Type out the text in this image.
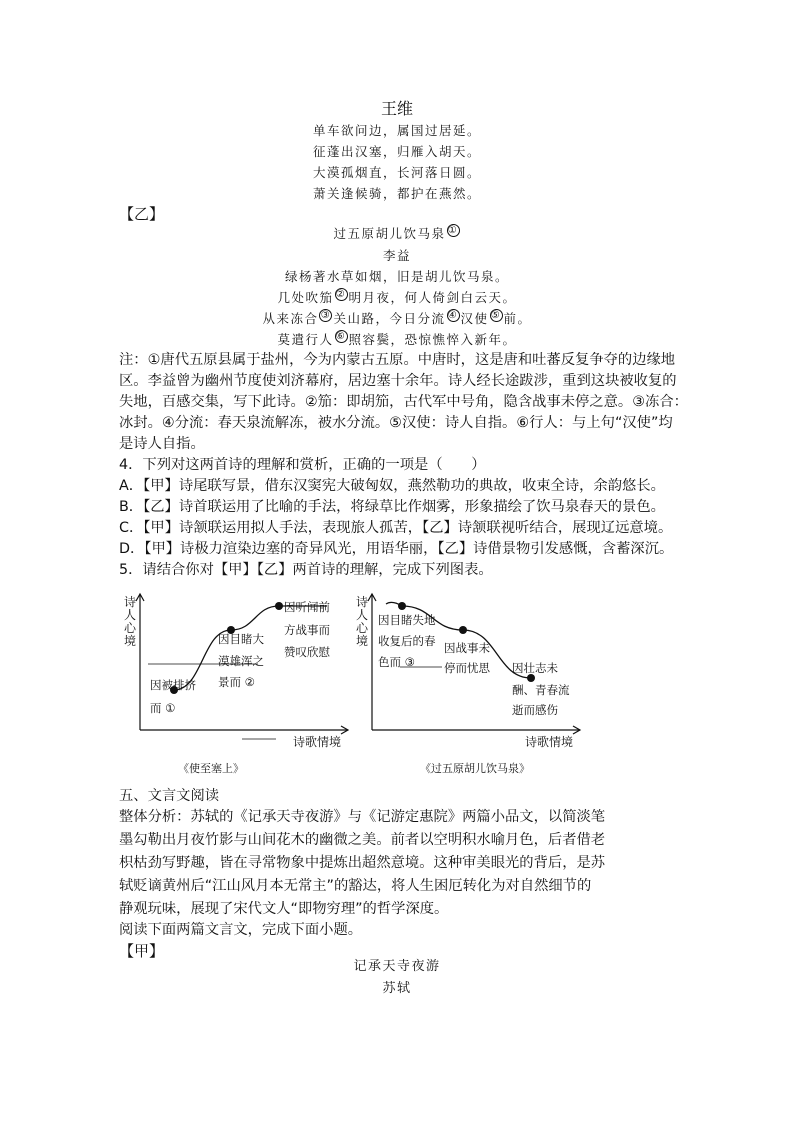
王维
单车欲问边，属国过居延。
征蓬出汉塞，归雁入胡天。
大漠孤烟直，长河落日圆。
萧关逢候骑，都护在燕然。
【乙】
过五原胡儿饮马泉 ①
李益
绿杨著水草如烟，旧是胡儿饮马泉。
几处吹笳 ② 明月夜，何人倚剑白云天。
从来冻合 ③ 关山路，今日分流 ④ 汉使 ⑤ 前。
莫遣行人 ⑥ 照容鬓，恐惊憔悴入新年。
注：①唐代五原县属于盐州，今为内蒙古五原。中唐时，这是唐和吐蕃反复争夺的边缘地
区。李益曾为幽州节度使刘济幕府，居边塞十余年。诗人经长途跋涉，重到这块被收复的
失地，百感交集，写下此诗。②笳：即胡笳，古代军中号角，隐含战事未停之意。③冻合：
冰封。④分流：春天泉流解冻，被水分流。⑤汉使：诗人自指。⑥行人：与上句“汉使”均
是诗人自指。
4．下列对这两首诗的理解和赏析，正确的一项是（　　）
A．【甲】诗尾联写景，借东汉窦宪大破匈奴，燕然勒功的典故，收束全诗，余韵悠长。
B．【乙】诗首联运用了比喻的手法，将绿草比作烟雾，形象描绘了饮马泉春天的景色。
C．【甲】诗颔联运用拟人手法，表现旅人孤苦，【乙】诗颔联视听结合，展现辽远意境。
D．【甲】诗极力渲染边塞的奇异风光，用语华丽，【乙】诗借景物引发感慨，含蓄深沉。
5．请结合你对【甲】【乙】两首诗的理解，完成下列图表。
诗
人
心
境
诗歌情境
因被排挤
而 ①
因目睹大
漠雄浑之
景而 ②
因听闻前
方战事而
赞叹欣慰
《使至塞上》
诗
人
心
境
诗歌情境
因目睹失地
收复后的春
色而 ③
因战事未
停而忧思 因壮志未
酬、青春流
逝而感伤
《过五原胡儿饮马泉》
五、文言文阅读
整体分析：苏轼的《记承天寺夜游》与《记游定惠院》两篇小品文，以简淡笔
墨勾勒出月夜竹影与山间花木的幽微之美。前者以空明积水喻月色，后者借老
枳枯劲写野趣，皆在寻常物象中提炼出超然意境。这种审美眼光的背后，是苏
轼贬谪黄州后“江山风月本无常主”的豁达，将人生困厄转化为对自然细节的
静观玩味，展现了宋代文人“即物穷理”的哲学深度。
阅读下面两篇文言文，完成下面小题。
【甲】
记承天寺夜游
苏轼
